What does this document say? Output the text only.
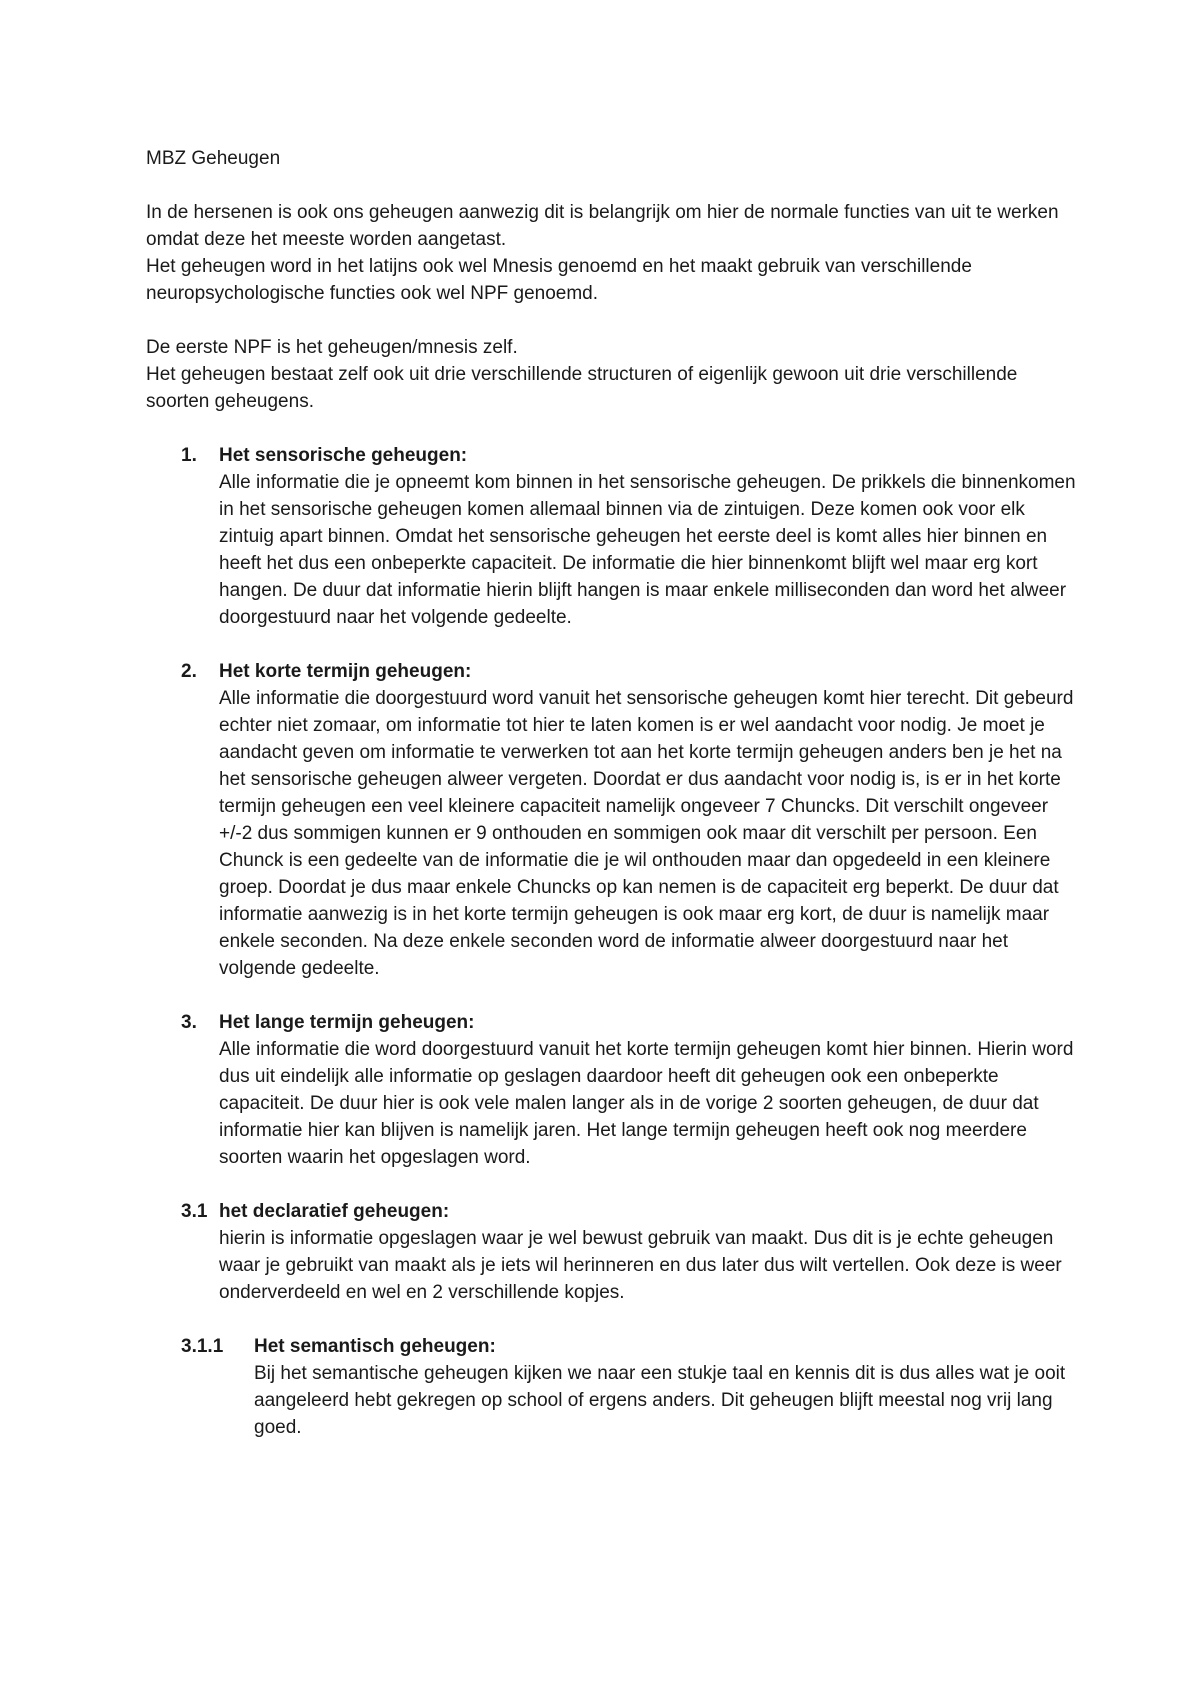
MBZ Geheugen

In de hersenen is ook ons geheugen aanwezig dit is belangrijk om hier de normale functies van uit te werken omdat deze het meeste worden aangetast.

Het geheugen word in het latijns ook wel Mnesis genoemd en het maakt gebruik van verschillende neuropsychologische functies ook wel NPF genoemd.

De eerste NPF is het geheugen/mnesis zelf.

Het geheugen bestaat zelf ook uit drie verschillende structuren of eigenlijk gewoon uit drie verschillende soorten geheugens.

1.	Het sensorische geheugen:

Alle informatie die je opneemt kom binnen in het sensorische geheugen. De prikkels die binnenkomen in het sensorische geheugen komen allemaal binnen via de zintuigen. Deze komen ook voor elk zintuig apart binnen. Omdat het sensorische geheugen het eerste deel is komt alles hier binnen en heeft het dus een onbeperkte capaciteit. De informatie die hier binnenkomt blijft wel maar erg kort hangen. De duur dat informatie hierin blijft hangen is maar enkele milliseconden dan word het alweer doorgestuurd naar het volgende gedeelte.

2.	Het korte termijn geheugen:

Alle informatie die doorgestuurd word vanuit het sensorische geheugen komt hier terecht. Dit gebeurd echter niet zomaar, om informatie tot hier te laten komen is er wel aandacht voor nodig. Je moet je aandacht geven om informatie te verwerken tot aan het korte termijn geheugen anders ben je het na het sensorische geheugen alweer vergeten. Doordat er dus aandacht voor nodig is, is er in het korte termijn geheugen een veel kleinere capaciteit namelijk ongeveer 7 Chuncks. Dit verschilt ongeveer +/-2 dus sommigen kunnen er 9 onthouden en sommigen ook maar dit verschilt per persoon. Een Chunck is een gedeelte van de informatie die je wil onthouden maar dan opgedeeld in een kleinere groep. Doordat je dus maar enkele Chuncks op kan nemen is de capaciteit erg beperkt. De duur dat informatie aanwezig is in het korte termijn geheugen is ook maar erg kort, de duur is namelijk maar enkele seconden. Na deze enkele seconden word de informatie alweer doorgestuurd naar het volgende gedeelte.

3.	Het lange termijn geheugen:

Alle informatie die word doorgestuurd vanuit het korte termijn geheugen komt hier binnen. Hierin word dus uit eindelijk alle informatie op geslagen daardoor heeft dit geheugen ook een onbeperkte capaciteit. De duur hier is ook vele malen langer als in de vorige 2 soorten geheugen, de duur dat informatie hier kan blijven is namelijk jaren. Het lange termijn geheugen heeft ook nog meerdere soorten waarin het opgeslagen word.

3.1 het declaratief geheugen:

hierin is informatie opgeslagen waar je wel bewust gebruik van maakt. Dus dit is je echte geheugen waar je gebruikt van maakt als je iets wil herinneren en dus later dus wilt vertellen. Ook deze is weer onderverdeeld en wel en 2 verschillende kopjes.

3.1.1	Het semantisch geheugen:

Bij het semantische geheugen kijken we naar een stukje taal en kennis dit is dus alles wat je ooit aangeleerd hebt gekregen op school of ergens anders. Dit geheugen blijft meestal nog vrij lang goed.
